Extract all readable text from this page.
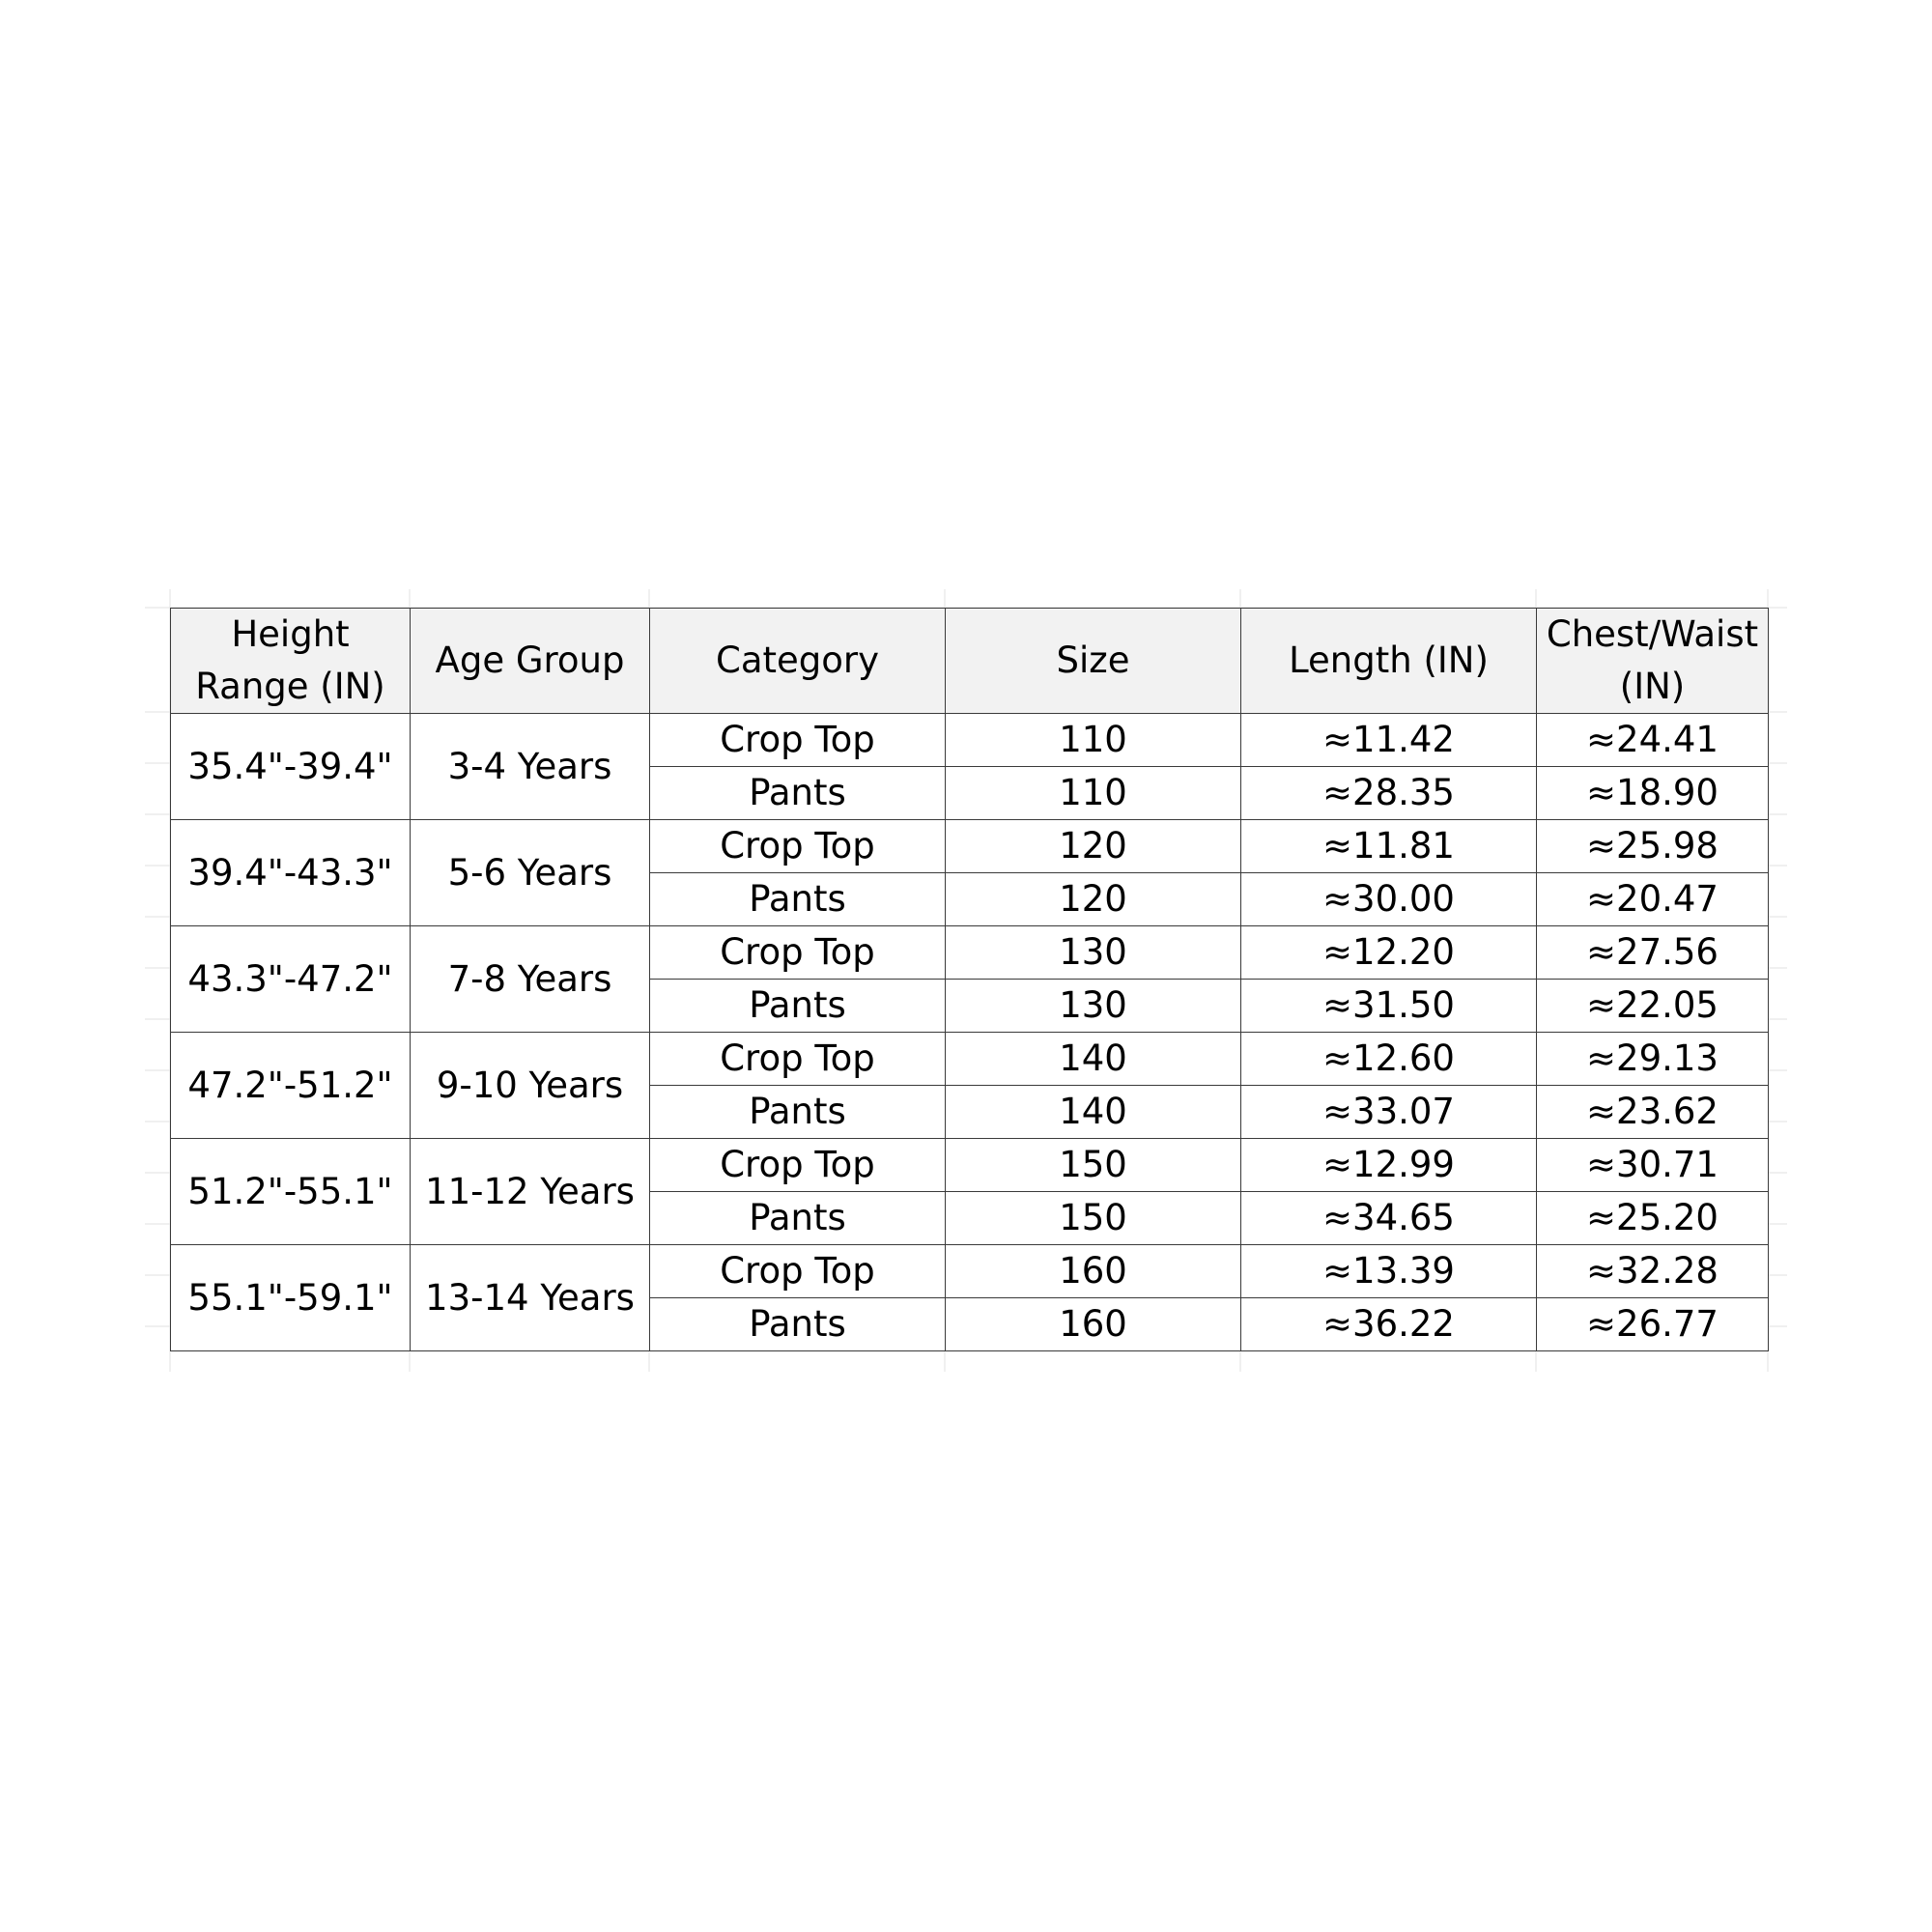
Height
Range (IN)	Age Group	Category	Size	Length (IN)	Chest/Waist
(IN)

35.4"-39.4"	3-4 Years	Crop Top	110	≈11.42	≈24.41
		Pants	110	≈28.35	≈18.90
39.4"-43.3"	5-6 Years	Crop Top	120	≈11.81	≈25.98
		Pants	120	≈30.00	≈20.47
43.3"-47.2"	7-8 Years	Crop Top	130	≈12.20	≈27.56
		Pants	130	≈31.50	≈22.05
47.2"-51.2"	9-10 Years	Crop Top	140	≈12.60	≈29.13
		Pants	140	≈33.07	≈23.62
51.2"-55.1"	11-12 Years	Crop Top	150	≈12.99	≈30.71
		Pants	150	≈34.65	≈25.20
55.1"-59.1"	13-14 Years	Crop Top	160	≈13.39	≈32.28
		Pants	160	≈36.22	≈26.77
